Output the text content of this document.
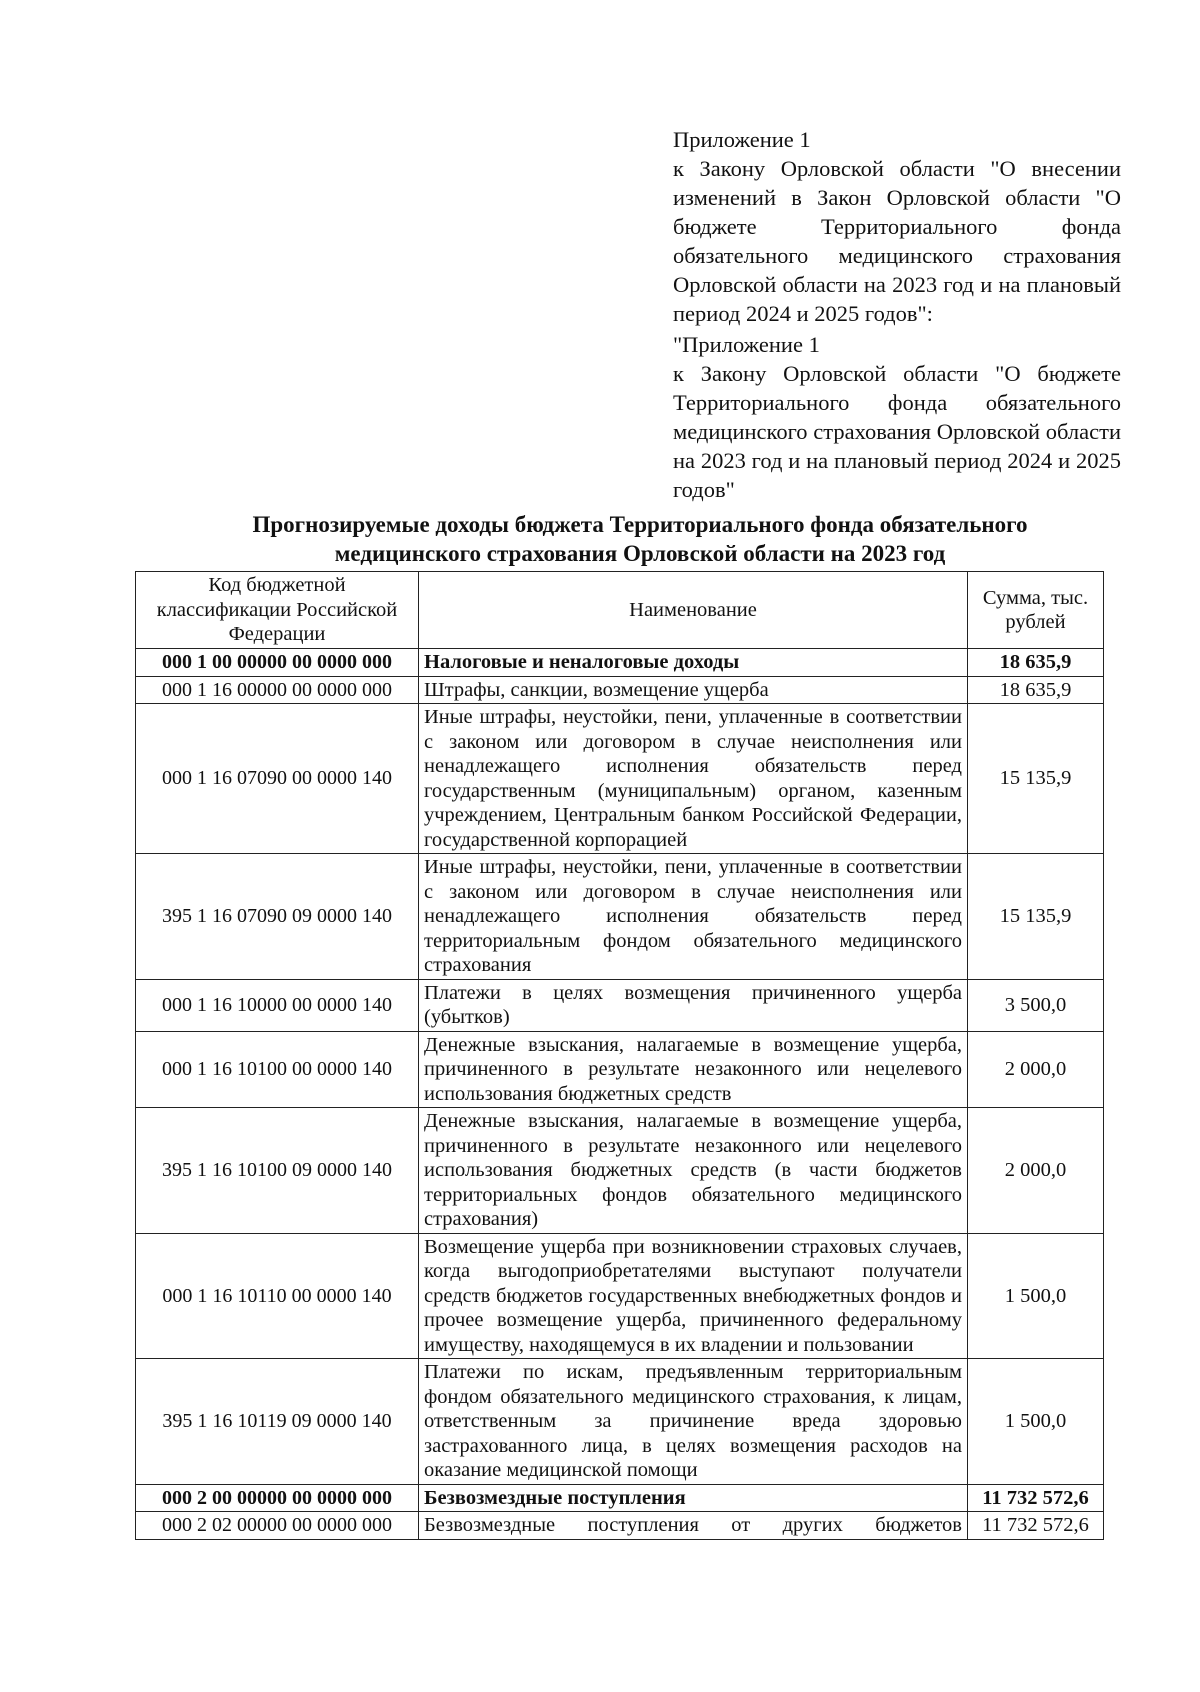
Приложение 1

к Закону Орловской области "О внесении изменений в Закон Орловской области "О бюджете Территориального фонда обязательного медицинского страхования Орловской области на 2023 год и на плановый период 2024 и 2025 годов":

"Приложение 1

к Закону Орловской области "О бюджете Территориального фонда обязательного медицинского страхования Орловской области на 2023 год и на плановый период 2024 и 2025 годов"

Прогнозируемые доходы бюджета Территориального фонда обязательного
медицинского страхования Орловской области на 2023 год
Код бюджетной классификации Российской Федерации	Наименование	Сумма, тыс. рублей
000 1 00 00000 00 0000 000	Налоговые и неналоговые доходы	18 635,9
000 1 16 00000 00 0000 000	Штрафы, санкции, возмещение ущерба	18 635,9
000 1 16 07090 00 0000 140	Иные штрафы, неустойки, пени, уплаченные в соответствии с законом или договором в случае неисполнения или ненадлежащего исполнения обязательств перед государственным (муниципальным) органом, казенным учреждением, Центральным банком Российской Федерации, государственной корпорацией	15 135,9
395 1 16 07090 09 0000 140	Иные штрафы, неустойки, пени, уплаченные в соответствии с законом или договором в случае неисполнения или ненадлежащего исполнения обязательств перед территориальным фондом обязательного медицинского страхования	15 135,9
000 1 16 10000 00 0000 140	Платежи в целях возмещения причиненного ущерба (убытков)	3 500,0
000 1 16 10100 00 0000 140	Денежные взыскания, налагаемые в возмещение ущерба, причиненного в результате незаконного или нецелевого использования бюджетных средств	2 000,0
395 1 16 10100 09 0000 140	Денежные взыскания, налагаемые в возмещение ущерба, причиненного в результате незаконного или нецелевого использования бюджетных средств (в части бюджетов территориальных фондов обязательного медицинского страхования)	2 000,0
000 1 16 10110 00 0000 140	Возмещение ущерба при возникновении страховых случаев, когда выгодоприобретателями выступают получатели средств бюджетов государственных внебюджетных фондов и прочее возмещение ущерба, причиненного федеральному имуществу, находящемуся в их владении и пользовании	1 500,0
395 1 16 10119 09 0000 140	Платежи по искам, предъявленным территориальным фондом обязательного медицинского страхования, к лицам, ответственным за причинение вреда здоровью застрахованного лица, в целях возмещения расходов на оказание медицинской помощи	1 500,0
000 2 00 00000 00 0000 000	Безвозмездные поступления	11 732 572,6
000 2 02 00000 00 0000 000	Безвозмездные поступления от других бюджетов	11 732 572,6
